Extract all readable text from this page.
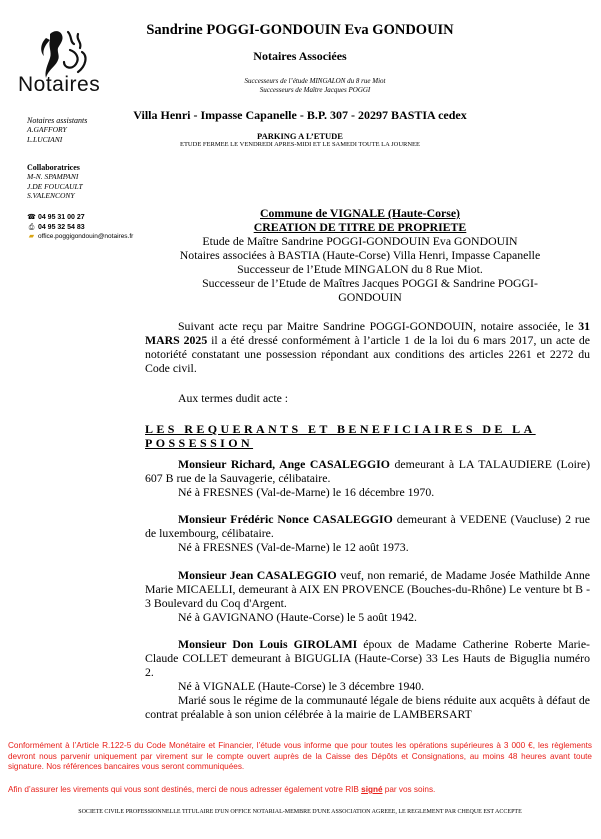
Notaires
Sandrine POGGI-GONDOUIN Eva GONDOUIN
Notaires Associées
Successeurs de l’étude MINGALON du 8 rue Miot
Successeurs de Maître Jacques POGGI
Villa Henri - Impasse Capanelle - B.P. 307 - 20297 BASTIA cedex
PARKING A L’ETUDE
ETUDE FERMEE LE VENDREDI APRES-MIDI ET LE SAMEDI TOUTE LA JOURNEE
Notaires assistants
A.GAFFORY
L.LUCIANI
Collaboratrices
M-N. SPAMPANI
J.DE FOUCAULT
S.VALENCONY
☎ 04 95 31 00 27
⎙ 04 95 32 54 83
▰ office.poggigondouin@notaires.fr
Commune de VIGNALE (Haute-Corse)
CREATION DE TITRE DE PROPRIETE
Etude de Maître Sandrine POGGI-GONDOUIN Eva GONDOUIN
Notaires associées à BASTIA (Haute-Corse) Villa Henri, Impasse Capanelle
Successeur de l’Etude MINGALON du 8 Rue Miot.
Successeur de l’Etude de Maîtres Jacques POGGI & Sandrine POGGI-
GONDOUIN

Suivant acte reçu par Maitre Sandrine POGGI-GONDOUIN, notaire associée, le 31 MARS 2025 il a été dressé conformément à l’article 1 de la loi du 6 mars 2017, un acte de notoriété constatant une possession répondant aux conditions des articles 2261 et 2272 du Code civil.

Aux termes dudit acte :
LES REQUERANTS ET BENEFICIAIRES DE LA POSSESSION

Monsieur Richard, Ange CASALEGGIO demeurant à LA TALAUDIERE (Loire) 607 B rue de la Sauvagerie, célibataire.

Né à FRESNES (Val-de-Marne) le 16 décembre 1970.

Monsieur Frédéric Nonce CASALEGGIO demeurant à VEDENE (Vaucluse) 2 rue de luxembourg, célibataire.

Né à FRESNES (Val-de-Marne) le 12 août 1973.

Monsieur Jean CASALEGGIO veuf, non remarié, de Madame Josée Mathilde Anne Marie MICAELLI, demeurant à AIX EN PROVENCE (Bouches-du-Rhône) Le venture bt B - 3 Boulevard du Coq d'Argent.

Né à GAVIGNANO (Haute-Corse) le 5 août 1942.

Monsieur Don Louis GIROLAMI époux de Madame Catherine Roberte Marie-Claude COLLET demeurant à BIGUGLIA (Haute-Corse) 33 Les Hauts de Biguglia numéro 2.

Né à VIGNALE (Haute-Corse) le 3 décembre 1940.

Marié sous le régime de la communauté légale de biens réduite aux acquêts à défaut de contrat préalable à son union célébrée à la mairie de LAMBERSART

Conformément à l’Article R.122-5 du Code Monétaire et Financier, l’étude vous informe que pour toutes les opérations supérieures à 3 000 €, les règlements devront nous parvenir uniquement par virement sur le compte ouvert auprès de la Caisse des Dépôts et Consignations, au moins 48 heures avant toute signature. Nos références bancaires vous seront communiquées.

Afin d’assurer les virements qui vous sont destinés, merci de nous adresser également votre RIB signé par vos soins.

SOCIETE CIVILE PROFESSIONNELLE TITULAIRE D'UN OFFICE NOTARIAL-MEMBRE D'UNE ASSOCIATION AGREEE, LE REGLEMENT PAR CHEQUE EST ACCEPTE
